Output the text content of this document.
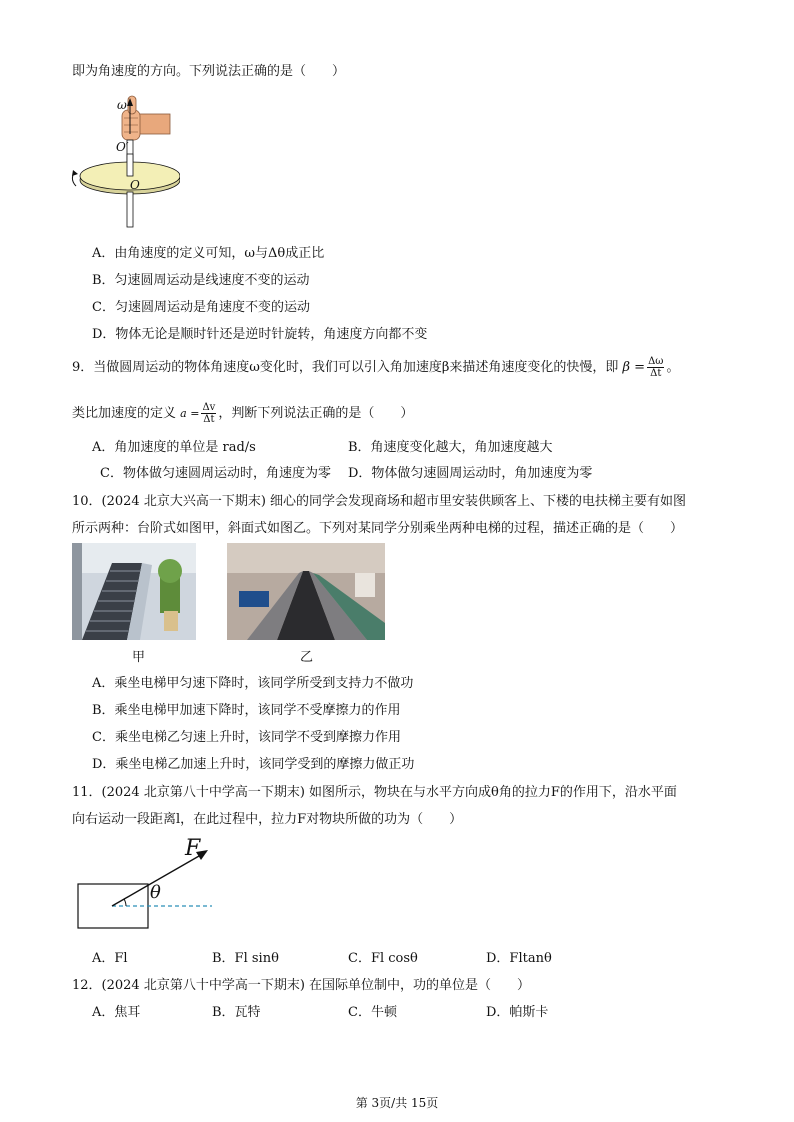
即为角速度的方向。下列说法正确的是（　　）
ω
O′
O
A．由角速度的定义可知，ω与Δθ成正比
B．匀速圆周运动是线速度不变的运动
C．匀速圆周运动是角速度不变的运动
D．物体无论是顺时针还是逆时针旋转，角速度方向都不变
9．当做圆周运动的物体角速度ω变化时，我们可以引入角加速度β来描述角速度变化的快慢，即 $\beta = \frac{\Delta\omega}{\Delta t}$ 。
类比加速度的定义 $a = \frac{\Delta v}{\Delta t}$ ，判断下列说法正确的是（　　）
A．角加速度的单位是 rad/s	B．角速度变化越大，角加速度越大
C．物体做匀速圆周运动时，角速度为零 D．物体做匀速圆周运动时，角加速度为零
10．(2024 北京大兴高一下期末) 细心的同学会发现商场和超市里安装供顾客上、下楼的电扶梯主要有如图
所示两种：台阶式如图甲，斜面式如图乙。下列对某同学分别乘坐两种电梯的过程，描述正确的是（　　）
甲	乙
A．乘坐电梯甲匀速下降时，该同学所受到支持力不做功
B．乘坐电梯甲加速下降时，该同学不受摩擦力的作用
C．乘坐电梯乙匀速上升时，该同学不受到摩擦力作用
D．乘坐电梯乙加速上升时，该同学受到的摩擦力做正功
11．(2024 北京第八十中学高一下期末) 如图所示，物块在与水平方向成θ角的拉力F的作用下，沿水平面
向右运动一段距离l，在此过程中，拉力F对物块所做的功为（　　）
F
θ
A．Fl	B．Fl sinθ	C．Fl cosθ	D．Fltanθ
12．(2024 北京第八十中学高一下期末) 在国际单位制中，功的单位是（　　）
A．焦耳	B．瓦特	C．牛顿	D．帕斯卡
第 3页/共 15页
